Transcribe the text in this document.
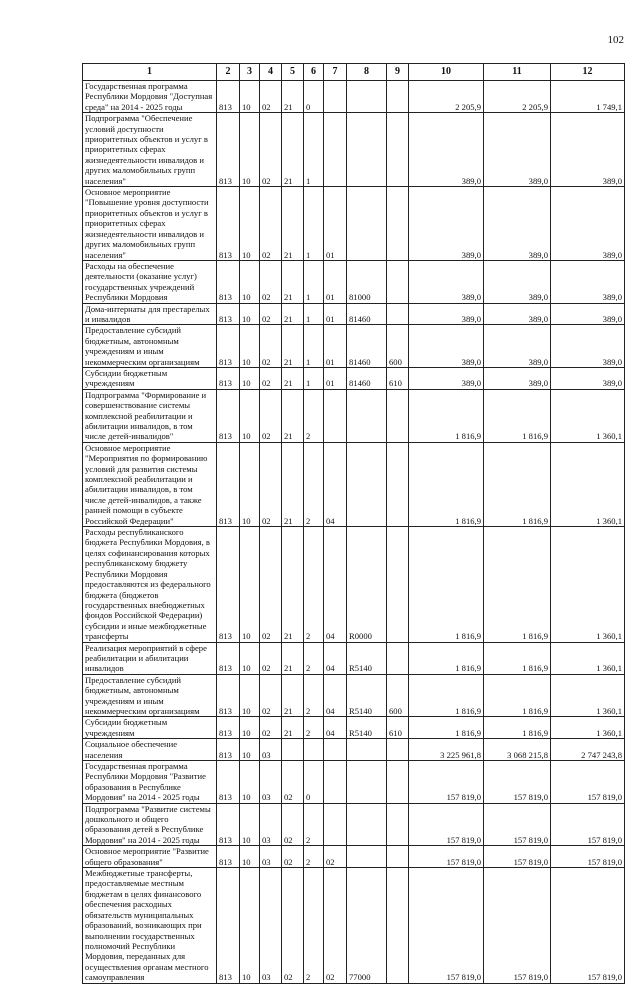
102
1	2	3	4	5	6	7	8	9	10	11	12
Государственная программа Республики Мордовия "Доступная среда" на 2014 - 2025 годы	813	10	02	21	0				2 205,9	2 205,9	1 749,1
Подпрограмма "Обеспечение условий доступности приоритетных объектов и услуг в приоритетных сферах жизнедеятельности инвалидов и других маломобильных групп населения"	813	10	02	21	1				389,0	389,0	389,0
Основное мероприятие "Повышение уровня доступности приоритетных объектов и услуг в приоритетных сферах жизнедеятельности инвалидов и других маломобильных групп населения"	813	10	02	21	1	01			389,0	389,0	389,0
Расходы на обеспечение деятельности (оказание услуг) государственных учреждений Республики Мордовия	813	10	02	21	1	01	81000		389,0	389,0	389,0
Дома-интернаты для престарелых и инвалидов	813	10	02	21	1	01	81460		389,0	389,0	389,0
Предоставление субсидий бюджетным, автономным учреждениям и иным некоммерческим организациям	813	10	02	21	1	01	81460	600	389,0	389,0	389,0
Субсидии бюджетным учреждениям	813	10	02	21	1	01	81460	610	389,0	389,0	389,0
Подпрограмма "Формирование и совершенствование системы комплексной реабилитации и абилитации инвалидов, в том числе детей-инвалидов"	813	10	02	21	2				1 816,9	1 816,9	1 360,1
Основное мероприятие "Мероприятия по формированию условий для развития системы комплексной реабилитации и абилитации инвалидов, в том числе детей-инвалидов, а также ранней помощи в субъекте Российской Федерации"	813	10	02	21	2	04			1 816,9	1 816,9	1 360,1
Расходы республиканского бюджета Республики Мордовия, в целях софинансирования которых республиканскому бюджету Республики Мордовия предоставляются из федерального бюджета (бюджетов государственных внебюджетных фондов Российской Федерации) субсидии и иные межбюджетные трансферты	813	10	02	21	2	04	R0000		1 816,9	1 816,9	1 360,1
Реализация мероприятий в сфере реабилитации и абилитации инвалидов	813	10	02	21	2	04	R5140		1 816,9	1 816,9	1 360,1
Предоставление субсидий бюджетным, автономным учреждениям и иным некоммерческим организациям	813	10	02	21	2	04	R5140	600	1 816,9	1 816,9	1 360,1
Субсидии бюджетным учреждениям	813	10	02	21	2	04	R5140	610	1 816,9	1 816,9	1 360,1
Социальное обеспечение населения	813	10	03						3 225 961,8	3 068 215,8	2 747 243,8
Государственная программа Республики Мордовия "Развитие образования в Республике Мордовия" на 2014 - 2025 годы	813	10	03	02	0				157 819,0	157 819,0	157 819,0
Подпрограмма "Развитие системы дошкольного и общего образования детей в Республике Мордовия" на 2014 - 2025 годы	813	10	03	02	2				157 819,0	157 819,0	157 819,0
Основное мероприятие "Развитие общего образования"	813	10	03	02	2	02			157 819,0	157 819,0	157 819,0
Межбюджетные трансферты, предоставляемые местным бюджетам в целях финансового обеспечения расходных обязательств муниципальных образований, возникающих при выполнении государственных полномочий Республики Мордовия, переданных для осуществления органам местного самоуправления	813	10	03	02	2	02	77000		157 819,0	157 819,0	157 819,0
